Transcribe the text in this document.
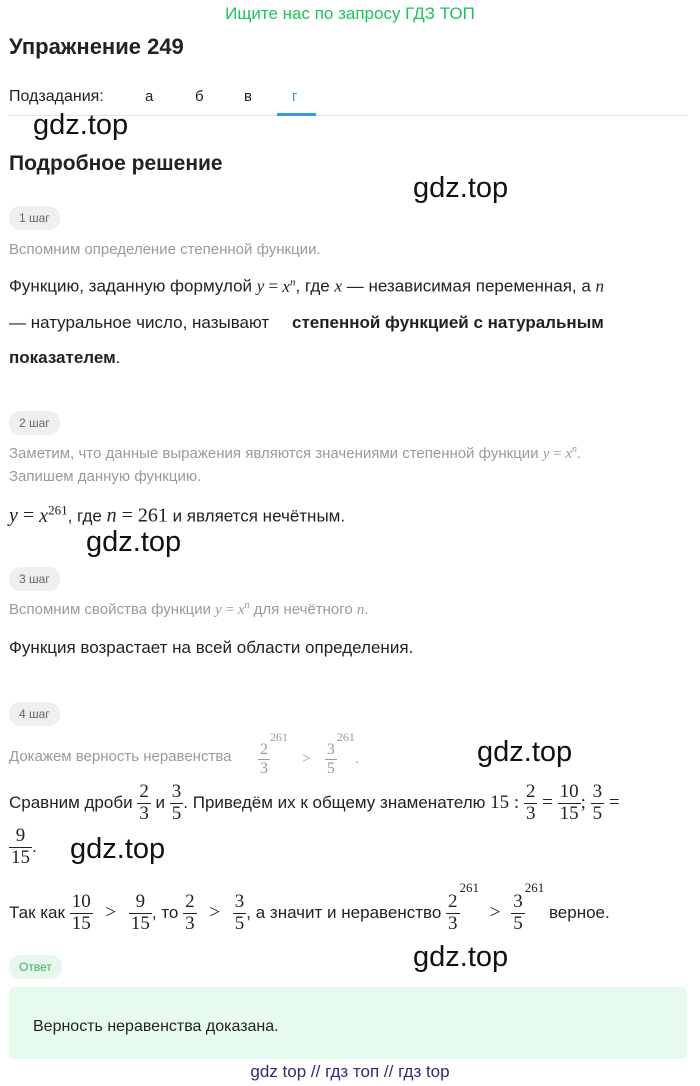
Ищите нас по запросу ГДЗ ТОП
Упражнение 249
Подзадания:	а	б	в	г
gdz.top
gdz.top
gdz.top
gdz.top
gdz.top
gdz.top
Подробное решение
1 шаг
Вспомним определение степенной функции.
Функцию, заданную формулой $y = x^n$, где x — независимая переменная, а n
— натуральное число, называют степенной функцией с натуральным
показателем.
2 шаг
Заметим, что данные выражения являются значениями степенной функции $y = x^n$.
Запишем данную функцию.
$y = x^{261}$, где n = 261 и является нечётным.
3 шаг
Вспомним свойства функции $y = x^n$ для нечётного n.
Функция возрастает на всей области определения.
4 шаг
Докажем верность неравенства $\frac{2}{3}$
$^{261} > \frac{3}{5}$
$^{261}$.
Сравним дроби $\frac{2}{3}$ и $\frac{3}{5}$ . Приведём их к общему знаменателю 15 : $\frac{2}{3} = \frac{10}{15}$ ; $\frac{3}{5}$ =
$\frac{9}{15}$ .
Так как $\frac{10}{15} > \frac{9}{15}$ , то $\frac{2}{3} > \frac{3}{5}$ , а значит и неравенство $\frac{2}{3}$
$^{261} > \frac{3}{5}$
$^{261}$ верное.
Ответ
Верность неравенства доказана.
gdz top // гдз топ // гдз top
